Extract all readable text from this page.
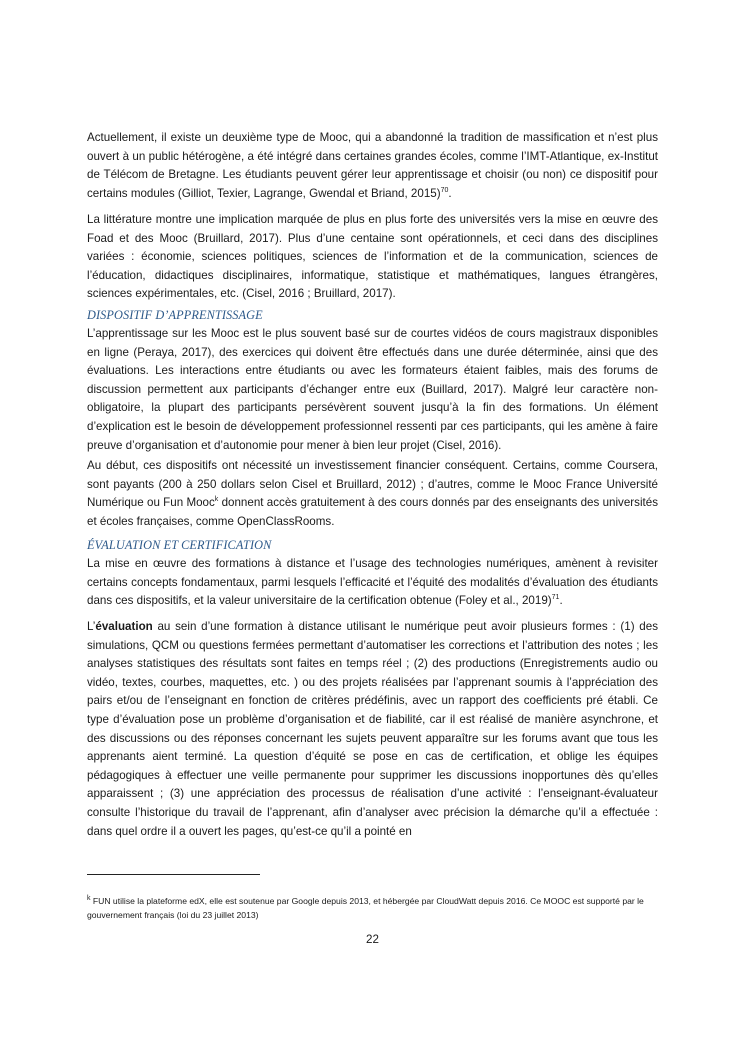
Actuellement, il existe un deuxième type de Mooc, qui a abandonné la tradition de massification et n’est plus ouvert à un public hétérogène, a été intégré dans certaines grandes écoles, comme l’IMT-Atlantique, ex-Institut de Télécom de Bretagne. Les étudiants peuvent gérer leur apprentissage et choisir (ou non) ce dispositif pour certains modules (Gilliot, Texier, Lagrange, Gwendal et Briand, 2015)$^{70}$.

La littérature montre une implication marquée de plus en plus forte des universités vers la mise en œuvre des Foad et des Mooc (Bruillard, 2017). Plus d’une centaine sont opérationnels, et ceci dans des disciplines variées : économie, sciences politiques, sciences de l’information et de la communication, sciences de l’éducation, didactiques disciplinaires, informatique, statistique et mathématiques, langues étrangères, sciences expérimentales, etc. (Cisel, 2016 ; Bruillard, 2017).

DISPOSITIF D’APPRENTISSAGE

L’apprentissage sur les Mooc est le plus souvent basé sur de courtes vidéos de cours magistraux disponibles en ligne (Peraya, 2017), des exercices qui doivent être effectués dans une durée déterminée, ainsi que des évaluations. Les interactions entre étudiants ou avec les formateurs étaient faibles, mais des forums de discussion permettent aux participants d’échanger entre eux (Buillard, 2017). Malgré leur caractère non-obligatoire, la plupart des participants persévèrent souvent jusqu’à la fin des formations. Un élément d’explication est le besoin de développement professionnel ressenti par ces participants, qui les amène à faire preuve d’organisation et d’autonomie pour mener à bien leur projet (Cisel, 2016).

Au début, ces dispositifs ont nécessité un investissement financier conséquent. Certains, comme Coursera, sont payants (200 à 250 dollars selon Cisel et Bruillard, 2012) ; d’autres, comme le Mooc France Université Numérique ou Fun Mooc$^k$ donnent accès gratuitement à des cours donnés par des enseignants des universités et écoles françaises, comme OpenClassRooms.

ÉVALUATION ET CERTIFICATION

La mise en œuvre des formations à distance et l’usage des technologies numériques, amènent à revisiter certains concepts fondamentaux, parmi lesquels l’efficacité et l’équité des modalités d’évaluation des étudiants dans ces dispositifs, et la valeur universitaire de la certification obtenue (Foley et al., 2019)$^{71}$.

L’évaluation au sein d’une formation à distance utilisant le numérique peut avoir plusieurs formes : (1) des simulations, QCM ou questions fermées permettant d’automatiser les corrections et l’attribution des notes ; les analyses statistiques des résultats sont faites en temps réel ; (2) des productions (Enregistrements audio ou vidéo, textes, courbes, maquettes, etc. ) ou des projets réalisées par l’apprenant soumis à l’appréciation des pairs et/ou de l’enseignant en fonction de critères prédéfinis, avec un rapport des coefficients pré établi. Ce type d’évaluation pose un problème d’organisation et de fiabilité, car il est réalisé de manière asynchrone, et des discussions ou des réponses concernant les sujets peuvent apparaître sur les forums avant que tous les apprenants aient terminé. La question d’équité se pose en cas de certification, et oblige les équipes pédagogiques à effectuer une veille permanente pour supprimer les discussions inopportunes dès qu’elles apparaissent ; (3) une appréciation des processus de réalisation d’une activité : l’enseignant-évaluateur consulte l’historique du travail de l’apprenant, afin d’analyser avec précision la démarche qu’il a effectuée : dans quel ordre il a ouvert les pages, qu’est-ce qu’il a pointé en

$^k$ FUN utilise la plateforme edX, elle est soutenue par Google depuis 2013, et hébergée par CloudWatt depuis 2016. Ce MOOC est supporté par le gouvernement français (loi du 23 juillet 2013)

22
